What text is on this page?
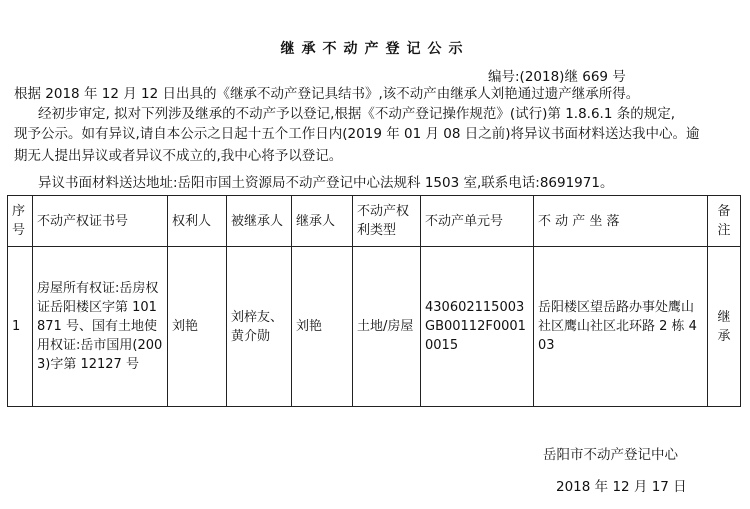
继承不动产登记公示
编号:(2018)继 669 号
根据 2018 年 12 月 12 日出具的《继承不动产登记具结书》,该不动产由继承人刘艳通过遗产继承所得。
经初步审定, 拟对下列涉及继承的不动产予以登记,根据《不动产登记操作规范》(试行)第 1.8.6.1 条的规定,
现予公示。如有异议,请自本公示之日起十五个工作日内(2019 年 01 月 08 日之前)将异议书面材料送达我中心。逾
期无人提出异议或者异议不成立的,我中心将予以登记。
异议书面材料送达地址:岳阳市国土资源局不动产登记中心法规科 1503 室,联系电话:8691971。
序号	不动产权证书号	权利人	被继承人	继承人	不动产权利类型	不动产单元号	不 动 产 坐 落	备注
1	房屋所有权证:岳房权证岳阳楼区字第 101871 号、国有土地使用权证:岳市国用(2003)字第 12127 号	刘艳	刘梓友、黄介勋	刘艳	土地/房屋	430602115003GB00112F00010015	岳阳楼区望岳路办事处鹰山社区鹰山社区北环路 2 栋 403	继承
岳阳市不动产登记中心
2018 年 12 月 17 日
